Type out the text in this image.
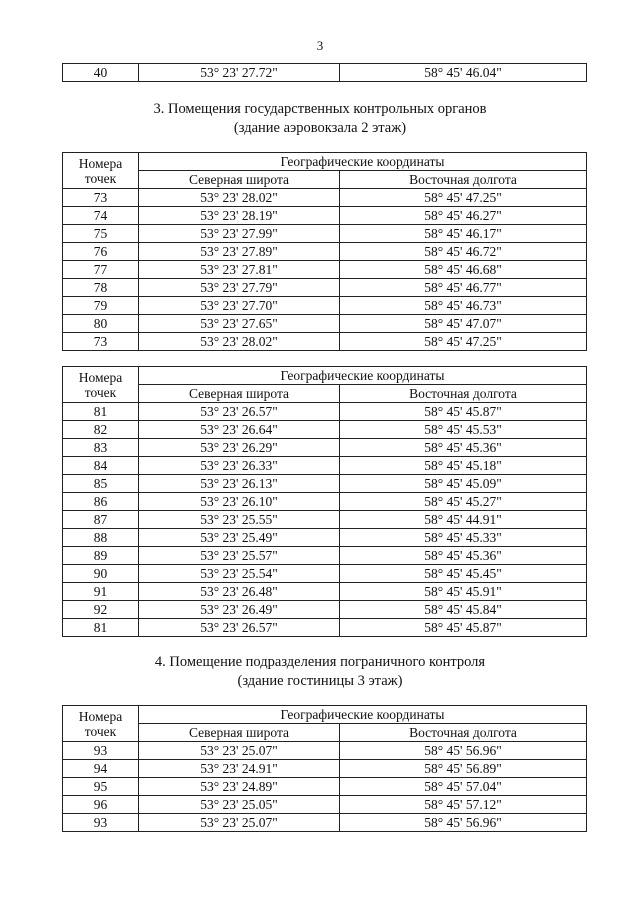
3
40	53° 23' 27.72"	58° 45' 46.04"
3. Помещения государственных контрольных органов
(здание аэровокзала 2 этаж)
Номера
точек	Географические координаты	
	Северная широта	Восточная долгота
73	53° 23' 28.02"	58° 45' 47.25"
74	53° 23' 28.19"	58° 45' 46.27"
75	53° 23' 27.99"	58° 45' 46.17"
76	53° 23' 27.89"	58° 45' 46.72"
77	53° 23' 27.81"	58° 45' 46.68"
78	53° 23' 27.79"	58° 45' 46.77"
79	53° 23' 27.70"	58° 45' 46.73"
80	53° 23' 27.65"	58° 45' 47.07"
73	53° 23' 28.02"	58° 45' 47.25"
Номера
точек	Географические координаты	
	Северная широта	Восточная долгота
81	53° 23' 26.57"	58° 45' 45.87"
82	53° 23' 26.64"	58° 45' 45.53"
83	53° 23' 26.29"	58° 45' 45.36"
84	53° 23' 26.33"	58° 45' 45.18"
85	53° 23' 26.13"	58° 45' 45.09"
86	53° 23' 26.10"	58° 45' 45.27"
87	53° 23' 25.55"	58° 45' 44.91"
88	53° 23' 25.49"	58° 45' 45.33"
89	53° 23' 25.57"	58° 45' 45.36"
90	53° 23' 25.54"	58° 45' 45.45"
91	53° 23' 26.48"	58° 45' 45.91"
92	53° 23' 26.49"	58° 45' 45.84"
81	53° 23' 26.57"	58° 45' 45.87"
4. Помещение подразделения пограничного контроля
(здание гостиницы 3 этаж)
Номера
точек	Географические координаты	
	Северная широта	Восточная долгота
93	53° 23' 25.07"	58° 45' 56.96"
94	53° 23' 24.91"	58° 45' 56.89"
95	53° 23' 24.89"	58° 45' 57.04"
96	53° 23' 25.05"	58° 45' 57.12"
93	53° 23' 25.07"	58° 45' 56.96"
